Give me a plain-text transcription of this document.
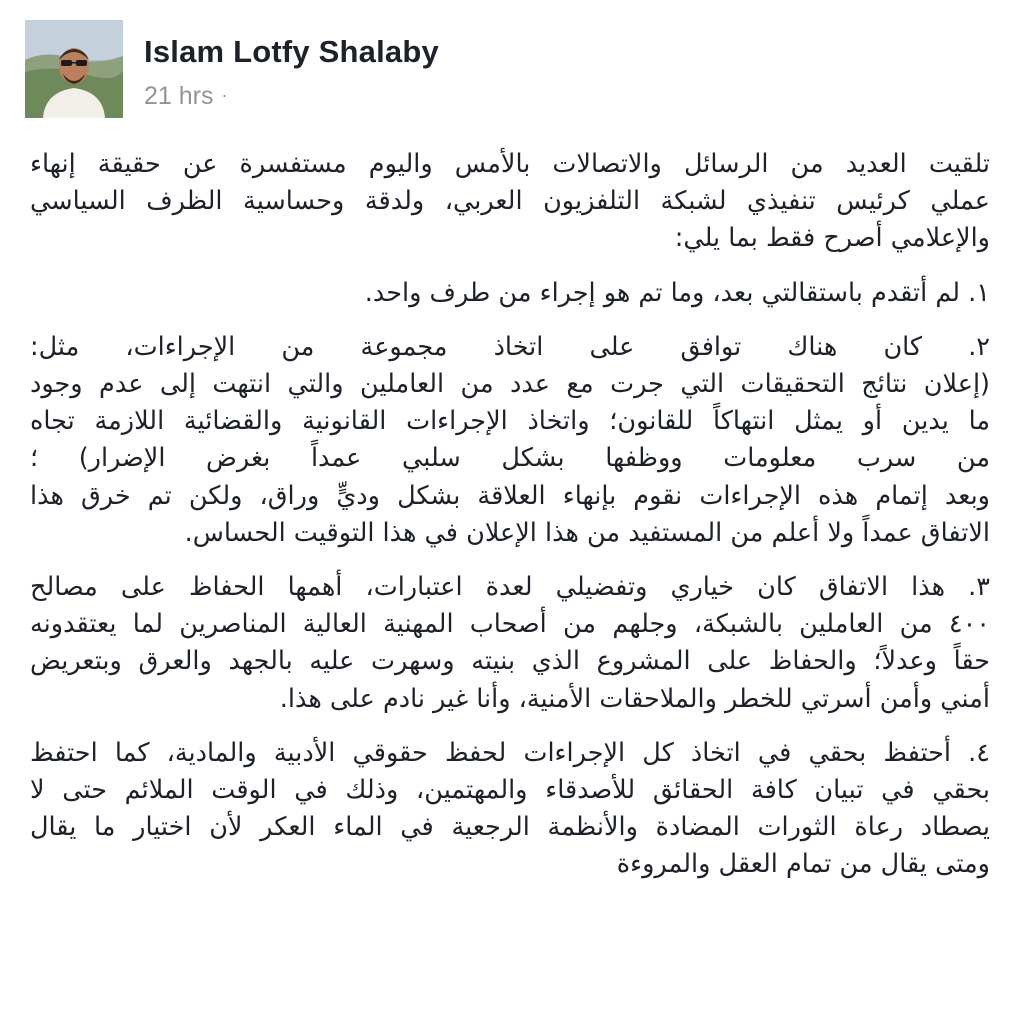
Islam Lotfy Shalaby
21 hrs ·

تلقيت العديد من الرسائل والاتصالات بالأمس واليوم مستفسرة عن حقيقة إنهاء
عملي كرئيس تنفيذي لشبكة التلفزيون العربي، ولدقة وحساسية الظرف السياسي
والإعلامي أصرح فقط بما يلي:

١. لم أتقدم باستقالتي بعد، وما تم هو إجراء من طرف واحد.

٢. كان هناك توافق على اتخاذ مجموعة من الإجراءات، مثل:
(إعلان نتائج التحقيقات التي جرت مع عدد من العاملين والتي انتهت إلى عدم وجود
ما يدين أو يمثل انتهاكاً للقانون؛ واتخاذ الإجراءات القانونية والقضائية اللازمة تجاه
من سرب معلومات ووظفها بشكل سلبي عمداً بغرض الإضرار) ؛
وبعد إتمام هذه الإجراءات نقوم بإنهاء العلاقة بشكل وديٍّ وراق، ولكن تم خرق هذا
الاتفاق عمداً ولا أعلم من المستفيد من هذا الإعلان في هذا التوقيت الحساس.

٣. هذا الاتفاق كان خياري وتفضيلي لعدة اعتبارات، أهمها الحفاظ على مصالح
٤٠٠ من العاملين بالشبكة، وجلهم من أصحاب المهنية العالية المناصرين لما يعتقدونه
حقاً وعدلاً؛ والحفاظ على المشروع الذي بنيته وسهرت عليه بالجهد والعرق وبتعريض
أمني وأمن أسرتي للخطر والملاحقات الأمنية، وأنا غير نادم على هذا.

٤. أحتفظ بحقي في اتخاذ كل الإجراءات لحفظ حقوقي الأدبية والمادية، كما احتفظ
بحقي في تبيان كافة الحقائق للأصدقاء والمهتمين، وذلك في الوقت الملائم حتى لا
يصطاد رعاة الثورات المضادة والأنظمة الرجعية في الماء العكر لأن اختيار ما يقال
ومتى يقال من تمام العقل والمروءة
